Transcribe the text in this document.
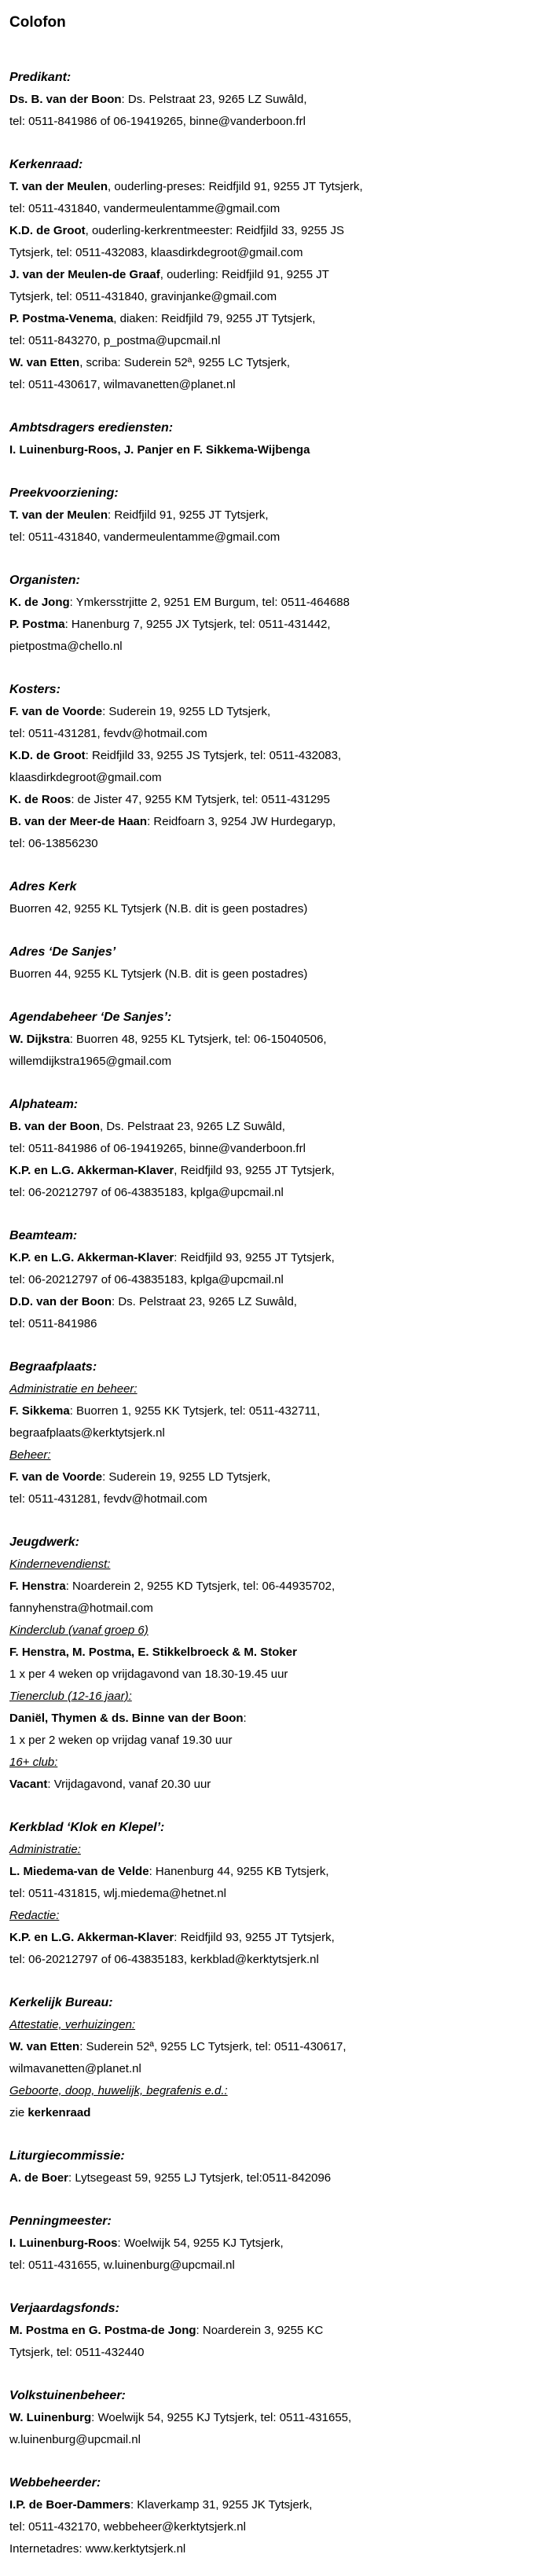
Colofon
Predikant:
Ds. B. van der Boon: Ds. Pelstraat 23, 9265 LZ Suwâld,
tel: 0511-841986 of 06-19419265, binne@vanderboon.frl
Kerkenraad:
T. van der Meulen, ouderling-preses: Reidfjild 91, 9255 JT Tytsjerk,
tel: 0511-431840, vandermeulentamme@gmail.com
K.D. de Groot, ouderling-kerkrentmeester: Reidfjild 33, 9255 JS
Tytsjerk, tel: 0511-432083, klaasdirkdegroot@gmail.com
J. van der Meulen-de Graaf, ouderling: Reidfjild 91, 9255 JT
Tytsjerk, tel: 0511-431840, gravinjanke@gmail.com
P. Postma-Venema, diaken: Reidfjild 79, 9255 JT Tytsjerk,
tel: 0511-843270, p_postma@upcmail.nl
W. van Etten, scriba: Suderein 52ª, 9255 LC Tytsjerk,
tel: 0511-430617, wilmavanetten@planet.nl
Ambtsdragers erediensten:
I. Luinenburg-Roos, J. Panjer en F. Sikkema-Wijbenga
Preekvoorziening:
T. van der Meulen: Reidfjild 91, 9255 JT Tytsjerk,
tel: 0511-431840, vandermeulentamme@gmail.com
Organisten:
K. de Jong: Ymkersstrjitte 2, 9251 EM Burgum, tel: 0511-464688
P. Postma: Hanenburg 7, 9255 JX Tytsjerk, tel: 0511-431442,
pietpostma@chello.nl
Kosters:
F. van de Voorde: Suderein 19, 9255 LD Tytsjerk,
tel: 0511-431281, fevdv@hotmail.com
K.D. de Groot: Reidfjild 33, 9255 JS Tytsjerk, tel: 0511-432083,
klaasdirkdegroot@gmail.com
K. de Roos: de Jister 47, 9255 KM Tytsjerk, tel: 0511-431295
B. van der Meer-de Haan: Reidfoarn 3, 9254 JW Hurdegaryp,
tel: 06-13856230
Adres Kerk
Buorren 42, 9255 KL Tytsjerk (N.B. dit is geen postadres)
Adres ‘De Sanjes’
Buorren 44, 9255 KL Tytsjerk (N.B. dit is geen postadres)
Agendabeheer ‘De Sanjes’:
W. Dijkstra: Buorren 48, 9255 KL Tytsjerk, tel: 06-15040506,
willemdijkstra1965@gmail.com
Alphateam:
B. van der Boon, Ds. Pelstraat 23, 9265 LZ Suwâld,
tel: 0511-841986 of 06-19419265, binne@vanderboon.frl
K.P. en L.G. Akkerman-Klaver, Reidfjild 93, 9255 JT Tytsjerk,
tel: 06-20212797 of 06-43835183, kplga@upcmail.nl
Beamteam:
K.P. en L.G. Akkerman-Klaver: Reidfjild 93, 9255 JT Tytsjerk,
tel: 06-20212797 of 06-43835183, kplga@upcmail.nl
D.D. van der Boon: Ds. Pelstraat 23, 9265 LZ Suwâld,
tel: 0511-841986
Begraafplaats:
Administratie en beheer:
F. Sikkema: Buorren 1, 9255 KK Tytsjerk, tel: 0511-432711,
begraafplaats@kerktytsjerk.nl
Beheer:
F. van de Voorde: Suderein 19, 9255 LD Tytsjerk,
tel: 0511-431281, fevdv@hotmail.com
Jeugdwerk:
Kindernevendienst:
F. Henstra: Noarderein 2, 9255 KD Tytsjerk, tel: 06-44935702,
fannyhenstra@hotmail.com
Kinderclub (vanaf groep 6)
F. Henstra, M. Postma, E. Stikkelbroeck & M. Stoker
1 x per 4 weken op vrijdagavond van 18.30-19.45 uur
Tienerclub (12-16 jaar):
Daniël, Thymen & ds. Binne van der Boon:
1 x per 2 weken op vrijdag vanaf 19.30 uur
16+ club:
Vacant: Vrijdagavond, vanaf 20.30 uur
Kerkblad ‘Klok en Klepel’:
Administratie:
L. Miedema-van de Velde: Hanenburg 44, 9255 KB Tytsjerk,
tel: 0511-431815, wlj.miedema@hetnet.nl
Redactie:
K.P. en L.G. Akkerman-Klaver: Reidfjild 93, 9255 JT Tytsjerk,
tel: 06-20212797 of 06-43835183, kerkblad@kerktytsjerk.nl
Kerkelijk Bureau:
Attestatie, verhuizingen:
W. van Etten: Suderein 52ª, 9255 LC Tytsjerk, tel: 0511-430617,
wilmavanetten@planet.nl
Geboorte, doop, huwelijk, begrafenis e.d.:
zie kerkenraad
Liturgiecommissie:
A. de Boer: Lytsegeast 59, 9255 LJ Tytsjerk, tel:0511-842096
Penningmeester:
I. Luinenburg-Roos: Woelwijk 54, 9255 KJ Tytsjerk,
tel: 0511-431655, w.luinenburg@upcmail.nl
Verjaardagsfonds:
M. Postma en G. Postma-de Jong: Noarderein 3, 9255 KC
Tytsjerk, tel: 0511-432440
Volkstuinenbeheer:
W. Luinenburg: Woelwijk 54, 9255 KJ Tytsjerk, tel: 0511-431655,
w.luinenburg@upcmail.nl
Webbeheerder:
I.P. de Boer-Dammers: Klaverkamp 31, 9255 JK Tytsjerk,
tel: 0511-432170, webbeheer@kerktytsjerk.nl
Internetadres: www.kerktytsjerk.nl
